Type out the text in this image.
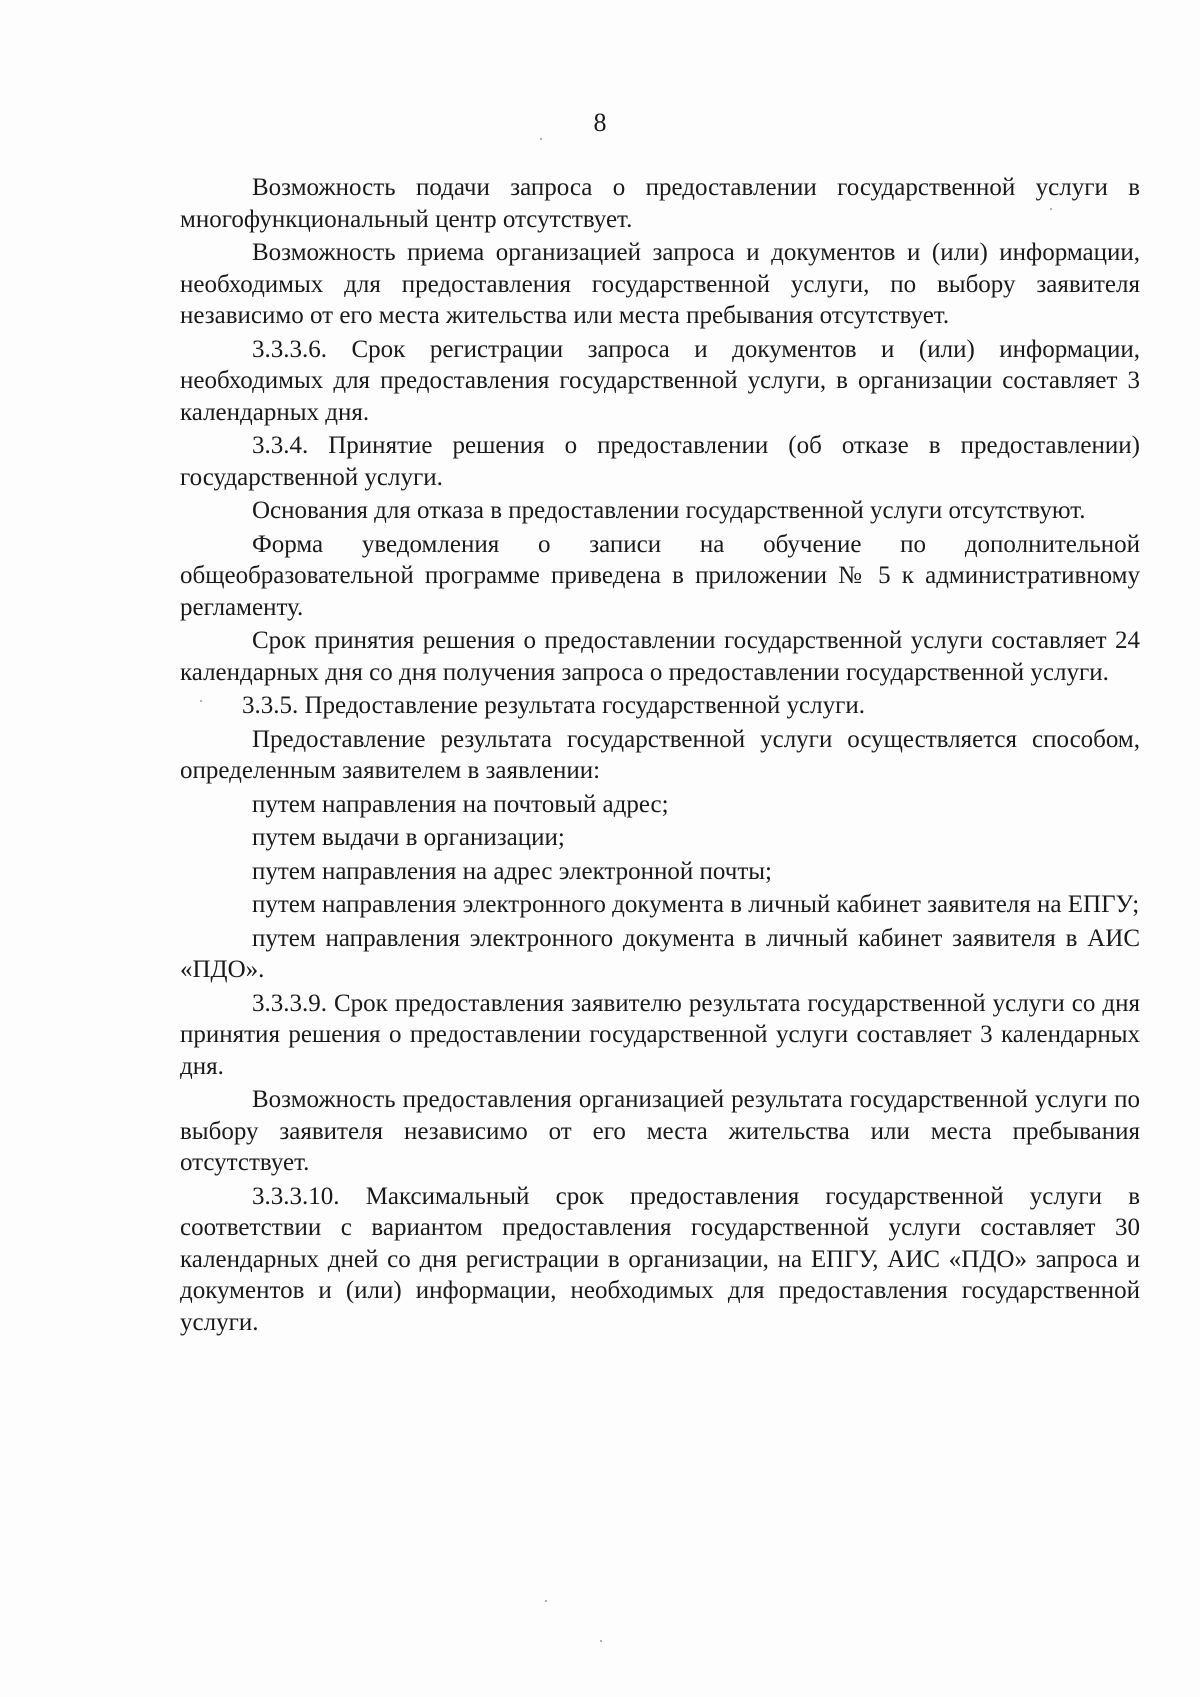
8

Возможность подачи запроса о предоставлении государственной услуги в многофункциональный центр отсутствует.

Возможность приема организацией запроса и документов и (или) информации, необходимых для предоставления государственной услуги, по выбору заявителя независимо от его места жительства или места пребывания отсутствует.

3.3.3.6. Срок регистрации запроса и документов и (или) информации, необходимых для предоставления государственной услуги, в организации составляет 3 календарных дня.

3.3.4. Принятие решения о предоставлении (об отказе в предоставлении) государственной услуги.

Основания для отказа в предоставлении государственной услуги отсутствуют.

Форма уведомления о записи на обучение по дополнительной общеобразовательной программе приведена в приложении № 5 к административному регламенту.

Срок принятия решения о предоставлении государственной услуги составляет 24 календарных дня со дня получения запроса о предоставлении государственной услуги.

3.3.5. Предоставление результата государственной услуги.

Предоставление результата государственной услуги осуществляется способом, определенным заявителем в заявлении:

путем направления на почтовый адрес;

путем выдачи в организации;

путем направления на адрес электронной почты;

путем направления электронного документа в личный кабинет заявителя на ЕПГУ;

путем направления электронного документа в личный кабинет заявителя в АИС «ПДО».

3.3.3.9. Срок предоставления заявителю результата государственной услуги со дня принятия решения о предоставлении государственной услуги составляет 3 календарных дня.

Возможность предоставления организацией результата государственной услуги по выбору заявителя независимо от его места жительства или места пребывания отсутствует.

3.3.3.10. Максимальный срок предоставления государственной услуги в соответствии с вариантом предоставления государственной услуги составляет 30 календарных дней со дня регистрации в организации, на ЕПГУ, АИС «ПДО» запроса и документов и (или) информации, необходимых для предоставления государственной услуги.
